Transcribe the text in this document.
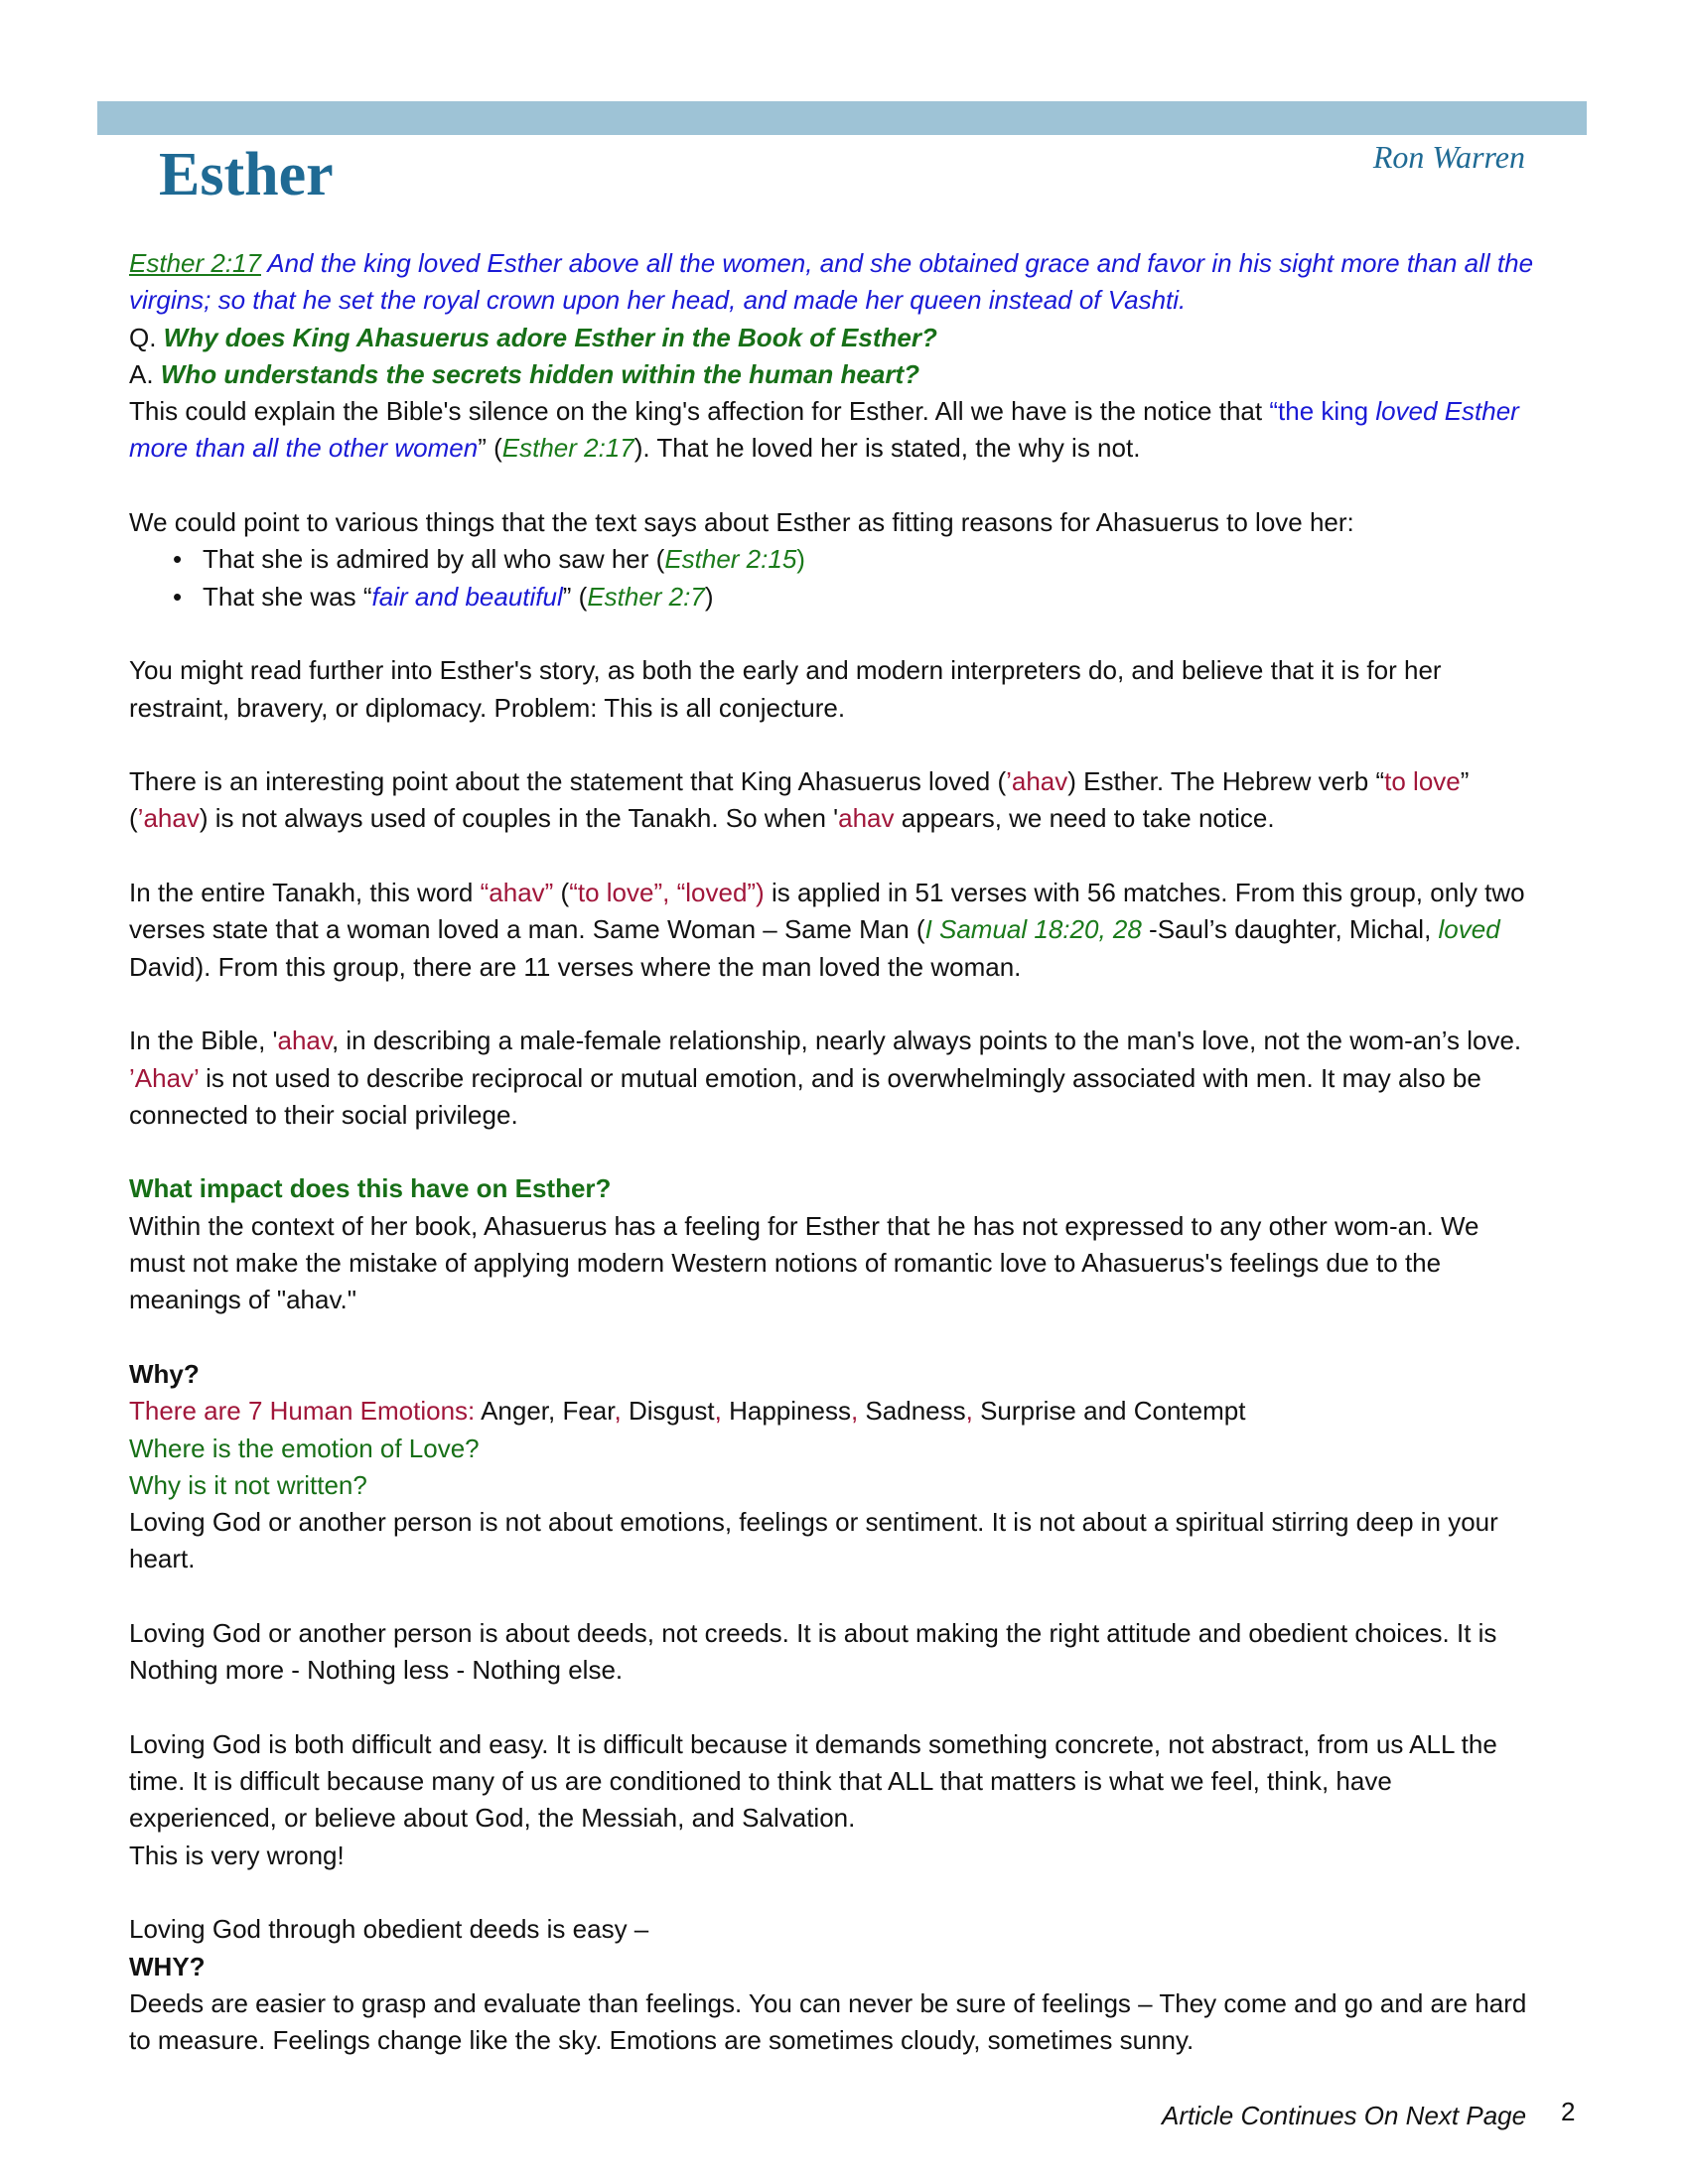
Esther	Ron Warren

Esther 2:17 And the king loved Esther above all the women, and she obtained grace and favor in his sight more than all the virgins; so that he set the royal crown upon her head, and made her queen instead of Vashti.

Q. Why does King Ahasuerus adore Esther in the Book of Esther?

A. Who understands the secrets hidden within the human heart?

This could explain the Bible's silence on the king's affection for Esther. All we have is the notice that “the king loved Esther more than all the other women” (Esther 2:17). That he loved her is stated, the why is not.

We could point to various things that the text says about Esther as fitting reasons for Ahasuerus to love her:

• That she is admired by all who saw her (Esther 2:15)
• That she was “fair and beautiful” (Esther 2:7)

You might read further into Esther's story, as both the early and modern interpreters do, and believe that it is for her restraint, bravery, or diplomacy. Problem: This is all conjecture.

There is an interesting point about the statement that King Ahasuerus loved (’ahav) Esther. The Hebrew verb “to love” (’ahav) is not always used of couples in the Tanakh. So when 'ahav appears, we need to take notice.

In the entire Tanakh, this word “ahav” (“to love”, “loved”) is applied in 51 verses with 56 matches. From this group, only two verses state that a woman loved a man. Same Woman – Same Man (I Samual 18:20, 28 -Saul’s daughter, Michal, loved David). From this group, there are 11 verses where the man loved the woman.

In the Bible, 'ahav, in describing a male-female relationship, nearly always points to the man's love, not the wom-an’s love. ’Ahav’ is not used to describe reciprocal or mutual emotion, and is overwhelmingly associated with men. It may also be connected to their social privilege.

What impact does this have on Esther?

Within the context of her book, Ahasuerus has a feeling for Esther that he has not expressed to any other wom-an. We must not make the mistake of applying modern Western notions of romantic love to Ahasuerus's feelings due to the meanings of "ahav."

Why?

There are 7 Human Emotions: Anger, Fear, Disgust, Happiness, Sadness, Surprise and Contempt

Where is the emotion of Love?

Why is it not written?

Loving God or another person is not about emotions, feelings or sentiment. It is not about a spiritual stirring deep in your heart.

Loving God or another person is about deeds, not creeds. It is about making the right attitude and obedient choices. It is Nothing more - Nothing less - Nothing else.

Loving God is both difficult and easy. It is difficult because it demands something concrete, not abstract, from us ALL the time. It is difficult because many of us are conditioned to think that ALL that matters is what we feel, think, have experienced, or believe about God, the Messiah, and Salvation.

This is very wrong!

Loving God through obedient deeds is easy –

WHY?

Deeds are easier to grasp and evaluate than feelings. You can never be sure of feelings – They come and go and are hard to measure. Feelings change like the sky. Emotions are sometimes cloudy, sometimes sunny.

Article Continues On Next Page 2
